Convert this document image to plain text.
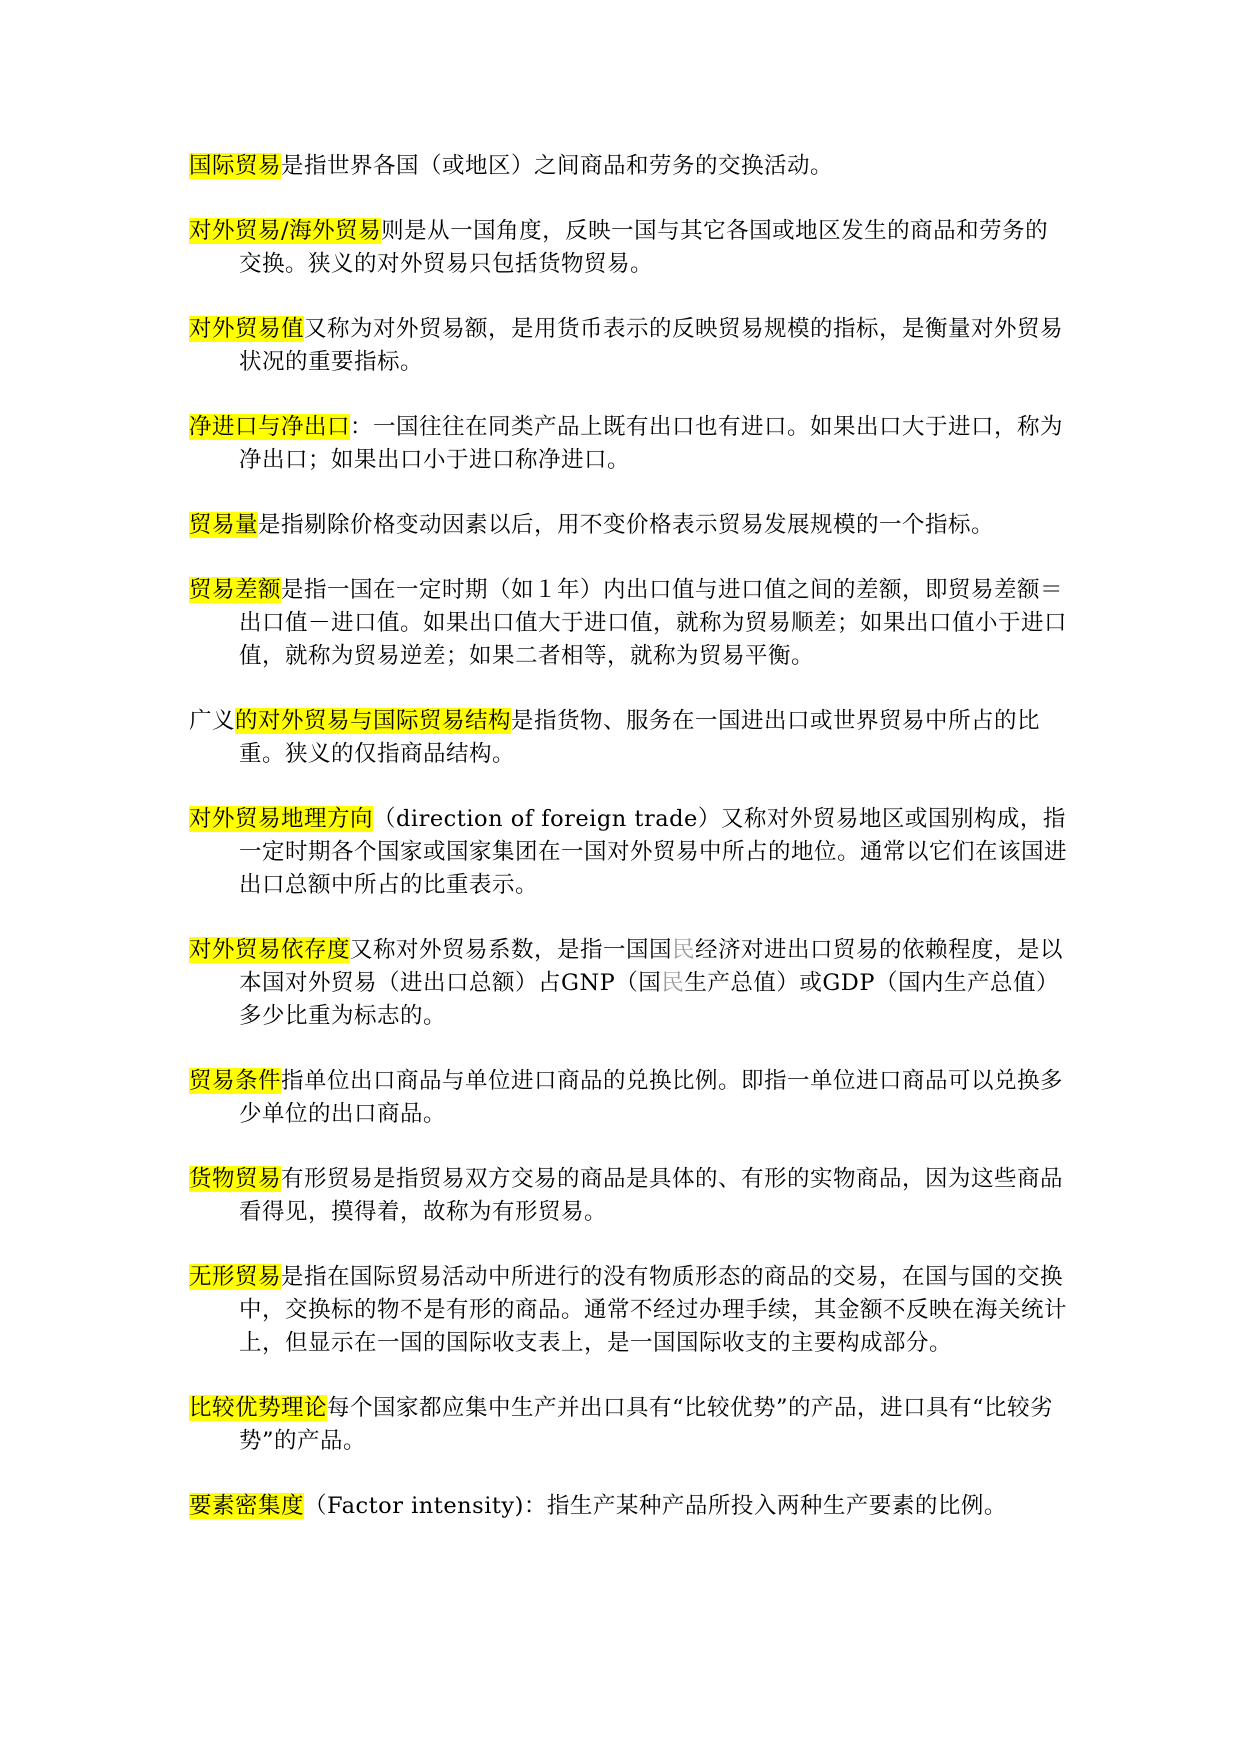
国际贸易是指世界各国（或地区）之间商品和劳务的交换活动。

对外贸易/海外贸易则是从一国角度，反映一国与其它各国或地区发生的商品和劳务的交换。狭义的对外贸易只包括货物贸易。

对外贸易值又称为对外贸易额，是用货币表示的反映贸易规模的指标，是衡量对外贸易状况的重要指标。

净进口与净出口：一国往往在同类产品上既有出口也有进口。如果出口大于进口，称为净出口；如果出口小于进口称净进口。

贸易量是指剔除价格变动因素以后，用不变价格表示贸易发展规模的一个指标。

贸易差额是指一国在一定时期（如１年）内出口值与进口值之间的差额，即贸易差额＝出口值－进口值。如果出口值大于进口值，就称为贸易顺差；如果出口值小于进口值，就称为贸易逆差；如果二者相等，就称为贸易平衡。

广义的对外贸易与国际贸易结构是指货物、服务在一国进出口或世界贸易中所占的比重。狭义的仅指商品结构。

对外贸易地理方向（direction of foreign trade）又称对外贸易地区或国别构成，指一定时期各个国家或国家集团在一国对外贸易中所占的地位。通常以它们在该国进出口总额中所占的比重表示。

对外贸易依存度又称对外贸易系数，是指一国国民经济对进出口贸易的依赖程度，是以本国对外贸易（进出口总额）占GNP（国民生产总值）或GDP（国内生产总值）多少比重为标志的。

贸易条件指单位出口商品与单位进口商品的兑换比例。即指一单位进口商品可以兑换多少单位的出口商品。

货物贸易有形贸易是指贸易双方交易的商品是具体的、有形的实物商品，因为这些商品看得见，摸得着，故称为有形贸易。

无形贸易是指在国际贸易活动中所进行的没有物质形态的商品的交易，在国与国的交换中，交换标的物不是有形的商品。通常不经过办理手续，其金额不反映在海关统计上，但显示在一国的国际收支表上，是一国国际收支的主要构成部分。

比较优势理论每个国家都应集中生产并出口具有“比较优势”的产品，进口具有“比较劣势”的产品。

要素密集度（Factor intensity)：指生产某种产品所投入两种生产要素的比例。
